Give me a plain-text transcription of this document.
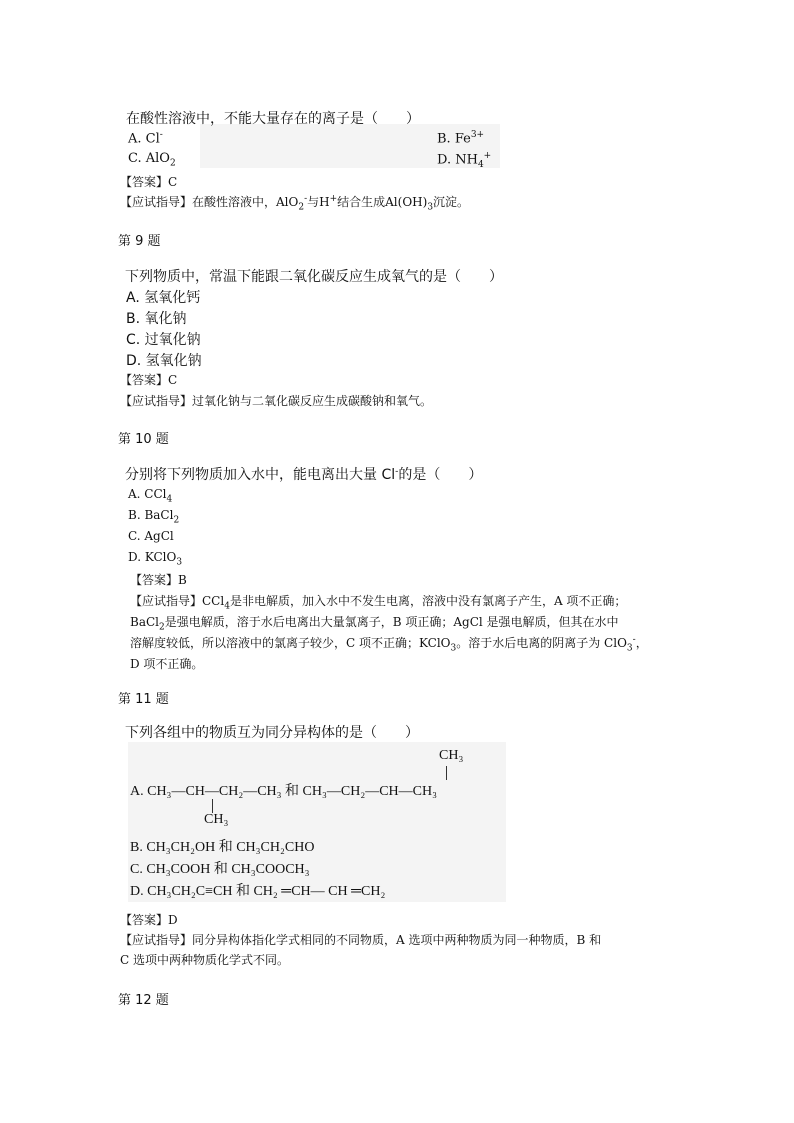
在酸性溶液中，不能大量存在的离子是（　　）
A. Cl-	B. $Fe^{3+}$
C. AlO$_2$	D. $NH_4^+$
【答案】C
【应试指导】在酸性溶液中，AlO$_2$-与H+结合生成$Al(OH)_3$沉淀。
第 9 题
下列物质中，常温下能跟二氧化碳反应生成氧气的是（　　）
A. 氢氧化钙
B. 氧化钠
C. 过氧化钠
D. 氢氧化钠
【答案】C
【应试指导】过氧化钠与二氧化碳反应生成碳酸钠和氧气。
第 10 题
分别将下列物质加入水中，能电离出大量 Cl-的是（　　）
A. CCl$_4$
B. BaCl$_2$
C. AgCl
D. KClO$_3$
【答案】B
【应试指导】CCl$_4$是非电解质，加入水中不发生电离，溶液中没有氯离子产生，A 项不正确；
BaCl$_2$是强电解质，溶于水后电离出大量氯离子，B 项正确；AgCl 是强电解质，但其在水中
溶解度较低，所以溶液中的氯离子较少，C 项不正确；KClO$_3$。溶于水后电离的阴离子为 ClO$_3$-，
D 项不正确。
第 11 题
下列各组中的物质互为同分异构体的是（　　）
CH₃
A. CH₃—CH—CH₂—CH₃ 和 CH₃—CH₂—CH—CH₃
CH₃
B. CH₃CH₂OH 和 CH₃CH₂CHO
C. CH₃COOH 和 CH₃COOCH₃
D. CH₃CH₂C≡CH 和 CH₂ ═CH— CH ═CH₂
【答案】D
【应试指导】同分异构体指化学式相同的不同物质，A 选项中两种物质为同一种物质，B 和
C 选项中两种物质化学式不同。
第 12 题
